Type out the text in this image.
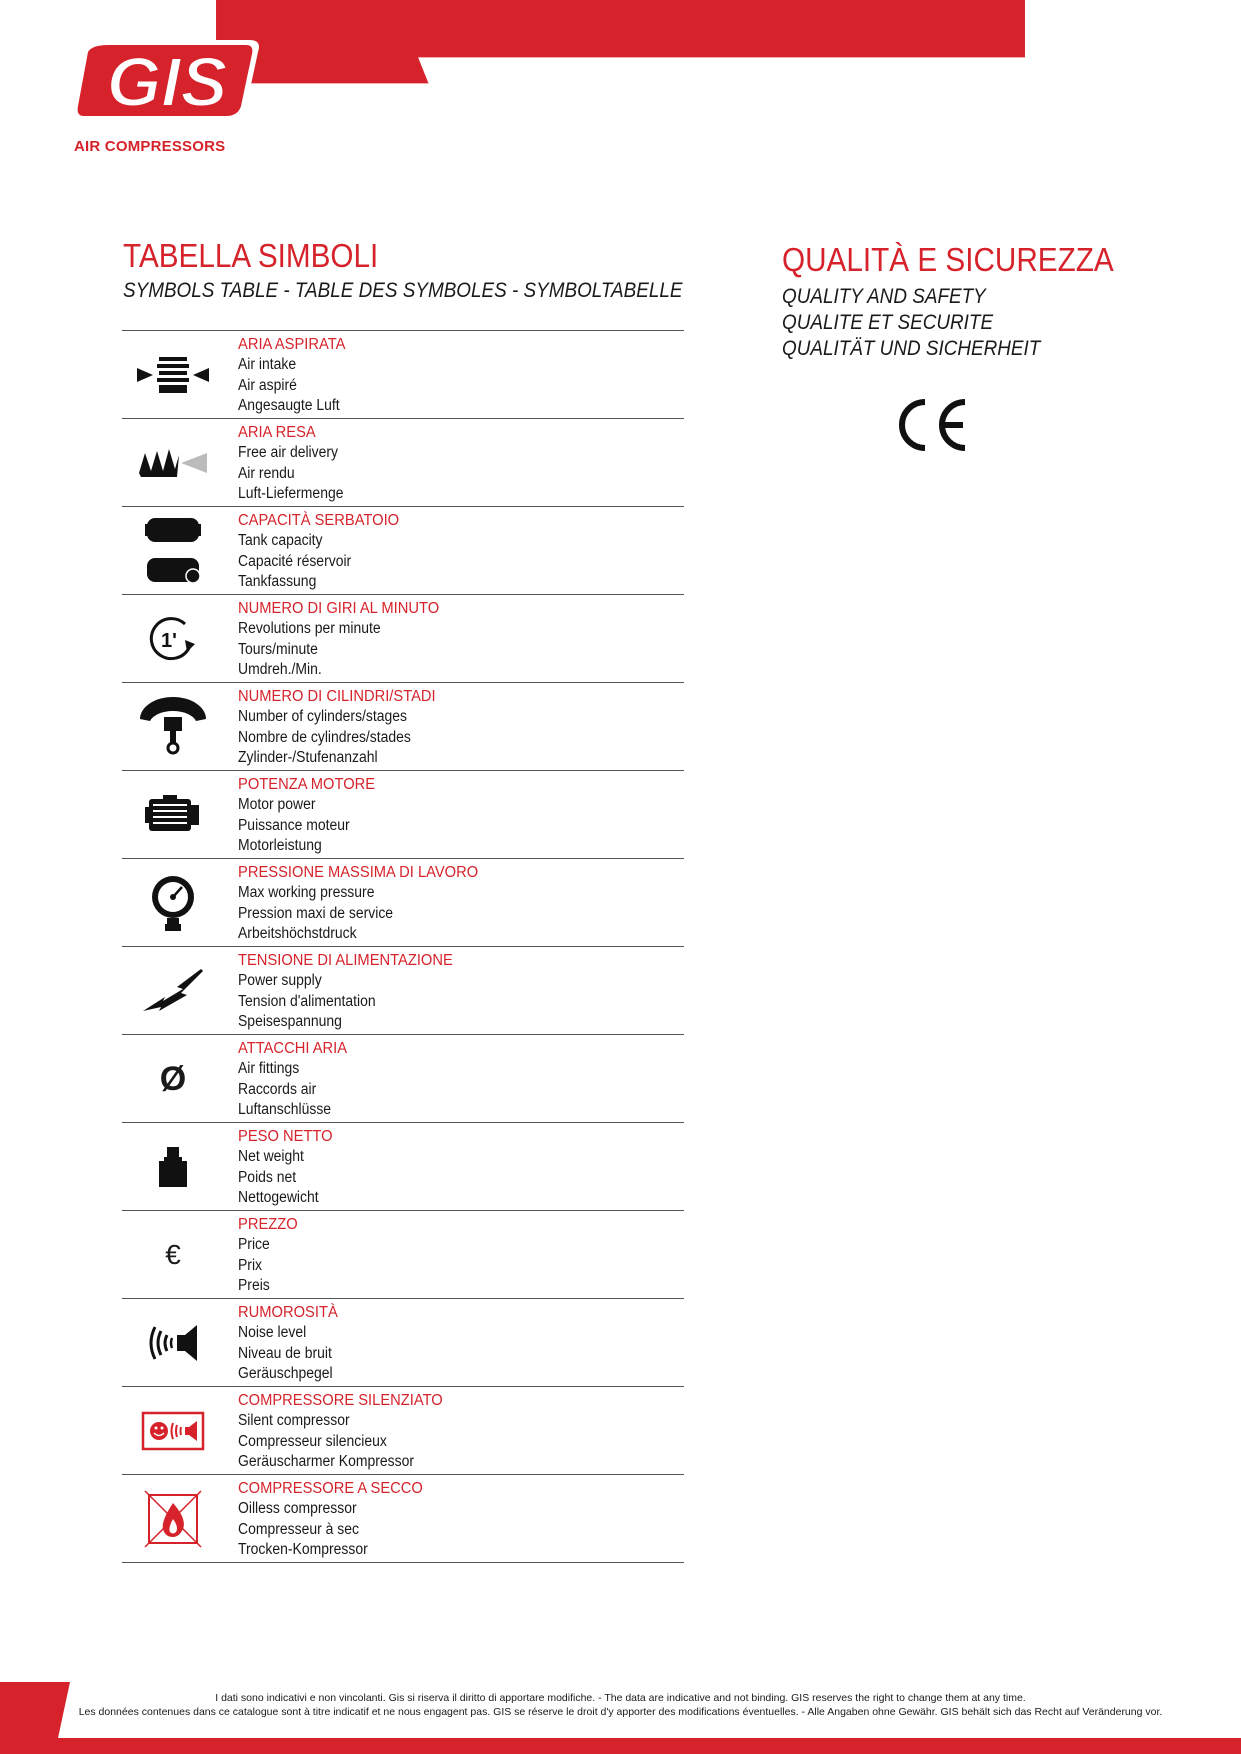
GIS
AIR COMPRESSORS
TABELLA SIMBOLI
SYMBOLS TABLE - TABLE DES SYMBOLES - SYMBOLTABELLE
QUALITÀ E SICUREZZA
QUALITY AND SAFETY
QUALITE ET SECURITE
QUALITÄT UND SICHERHEIT
ARIA ASPIRATA
Air intake
Air aspiré
Angesaugte Luft
ARIA RESA
Free air delivery
Air rendu
Luft-Liefermenge
CAPACITÀ SERBATOIO
Tank capacity
Capacité réservoir
Tankfassung
1'
NUMERO DI GIRI AL MINUTO
Revolutions per minute
Tours/minute
Umdreh./Min.
NUMERO DI CILINDRI/STADI
Number of cylinders/stages
Nombre de cylindres/stades
Zylinder-/Stufenanzahl
POTENZA MOTORE
Motor power
Puissance moteur
Motorleistung
PRESSIONE MASSIMA DI LAVORO
Max working pressure
Pression maxi de service
Arbeitshöchstdruck
TENSIONE DI ALIMENTAZIONE
Power supply
Tension d'alimentation
Speisespannung
Ø
ATTACCHI ARIA
Air fittings
Raccords air
Luftanschlüsse
PESO NETTO
Net weight
Poids net
Nettogewicht
€
PREZZO
Price
Prix
Preis
RUMOROSITÀ
Noise level
Niveau de bruit
Geräuschpegel
COMPRESSORE SILENZIATO
Silent compressor
Compresseur silencieux
Geräuscharmer Kompressor
COMPRESSORE A SECCO
Oilless compressor
Compresseur à sec
Trocken-Kompressor
I dati sono indicativi e non vincolanti. Gis si riserva il diritto di apportare modifiche. - The data are indicative and not binding. GIS reserves the right to change them at any time.
Les données contenues dans ce catalogue sont à titre indicatif et ne nous engagent pas. GIS se réserve le droit d'y apporter des modifications éventuelles. - Alle Angaben ohne Gewähr. GIS behält sich das Recht auf Veränderung vor.
